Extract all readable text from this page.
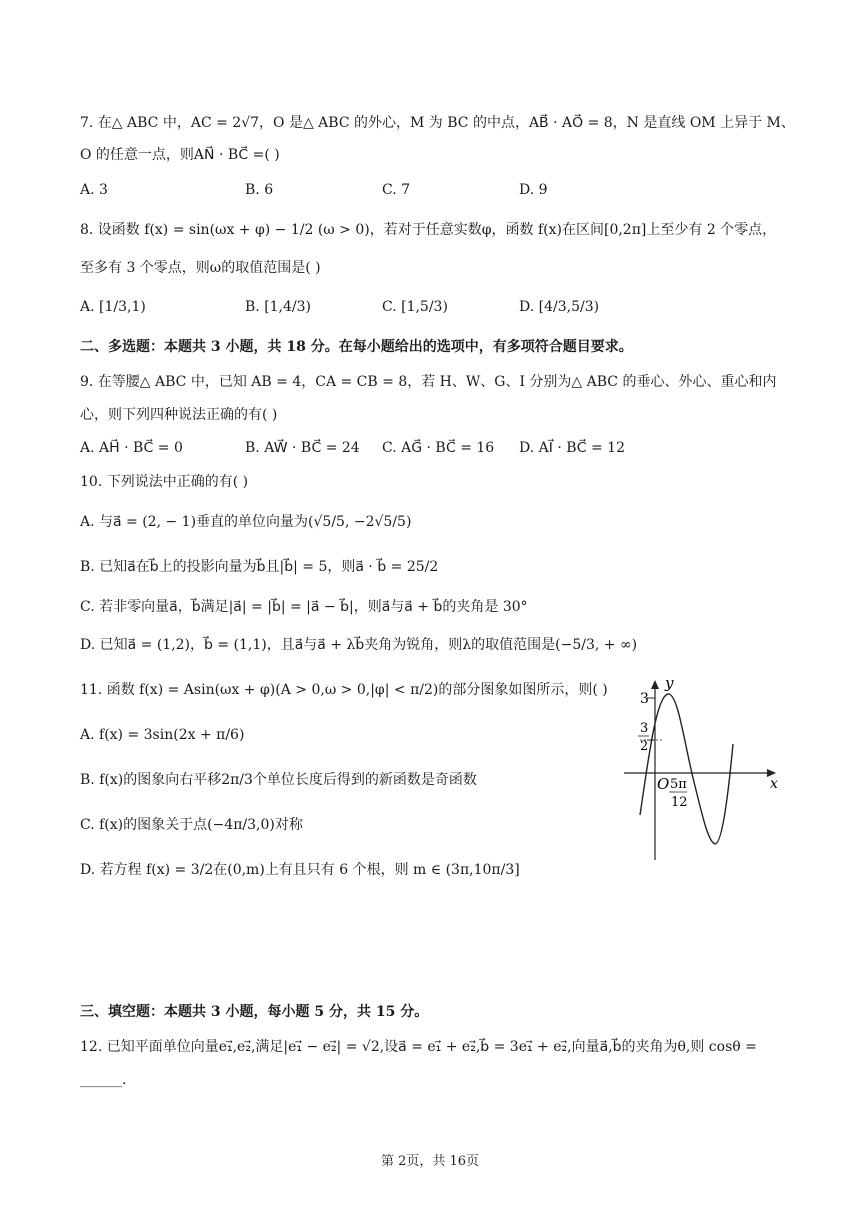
7. 在△ ABC 中，AC = 2√7，O 是△ ABC 的外心，M 为 BC 的中点，AB⃗ · AO⃗ = 8，N 是直线 OM 上异于 M、
O 的任意一点，则AN⃗ · BC⃗ =( )
A. 3	B. 6	C. 7	D. 9
8. 设函数 f(x) = sin(ωx + φ) − 1/2 (ω > 0)，若对于任意实数φ，函数 f(x)在区间[0,2π]上至少有 2 个零点，
至多有 3 个零点，则ω的取值范围是( )
A. [1/3,1)	B. [1,4/3)	C. [1,5/3)	D. [4/3,5/3)
二、多选题：本题共 3 小题，共 18 分。在每小题给出的选项中，有多项符合题目要求。
9. 在等腰△ ABC 中，已知 AB = 4，CA = CB = 8，若 H、W、G、I 分别为△ ABC 的垂心、外心、重心和内
心，则下列四种说法正确的有( )
A. AH⃗ · BC⃗ = 0	B. AW⃗ · BC⃗ = 24 C. AG⃗ · BC⃗ = 16 D. AI⃗ · BC⃗ = 12
10. 下列说法中正确的有( )
A. 与a⃗ = (2, − 1)垂直的单位向量为(√5/5, −2√5/5)
B. 已知a⃗在b⃗上的投影向量为b⃗且|b⃗| = 5，则a⃗ · b⃗ = 25/2
C. 若非零向量a⃗，b⃗满足|a⃗| = |b⃗| = |a⃗ − b⃗|，则a⃗与a⃗ + b⃗的夹角是 30°
D. 已知a⃗ = (1,2)，b⃗ = (1,1)，且a⃗与a⃗ + λb⃗夹角为锐角，则λ的取值范围是(−5/3, + ∞)
11. 函数 f(x) = Asin(ωx + φ)(A > 0,ω > 0,|φ| < π/2)的部分图象如图所示，则( )
A. f(x) = 3sin(2x + π/6)
B. f(x)的图象向右平移2π/3个单位长度后得到的新函数是奇函数
C. f(x)的图象关于点(−4π/3,0)对称
D. 若方程 f(x) = 3/2在(0,m)上有且只有 6 个根，则 m ∈ (3π,10π/3]
y
x
3
3
2
O 5π
12
三、填空题：本题共 3 小题，每小题 5 分，共 15 分。
12. 已知平面单位向量e₁⃗,e₂⃗,满足|e₁⃗ − e₂⃗| = √2,设a⃗ = e₁⃗ + e₂⃗,b⃗ = 3e₁⃗ + e₂⃗,向量a⃗,b⃗的夹角为θ,则 cosθ =
______.
第 2页，共 16页
